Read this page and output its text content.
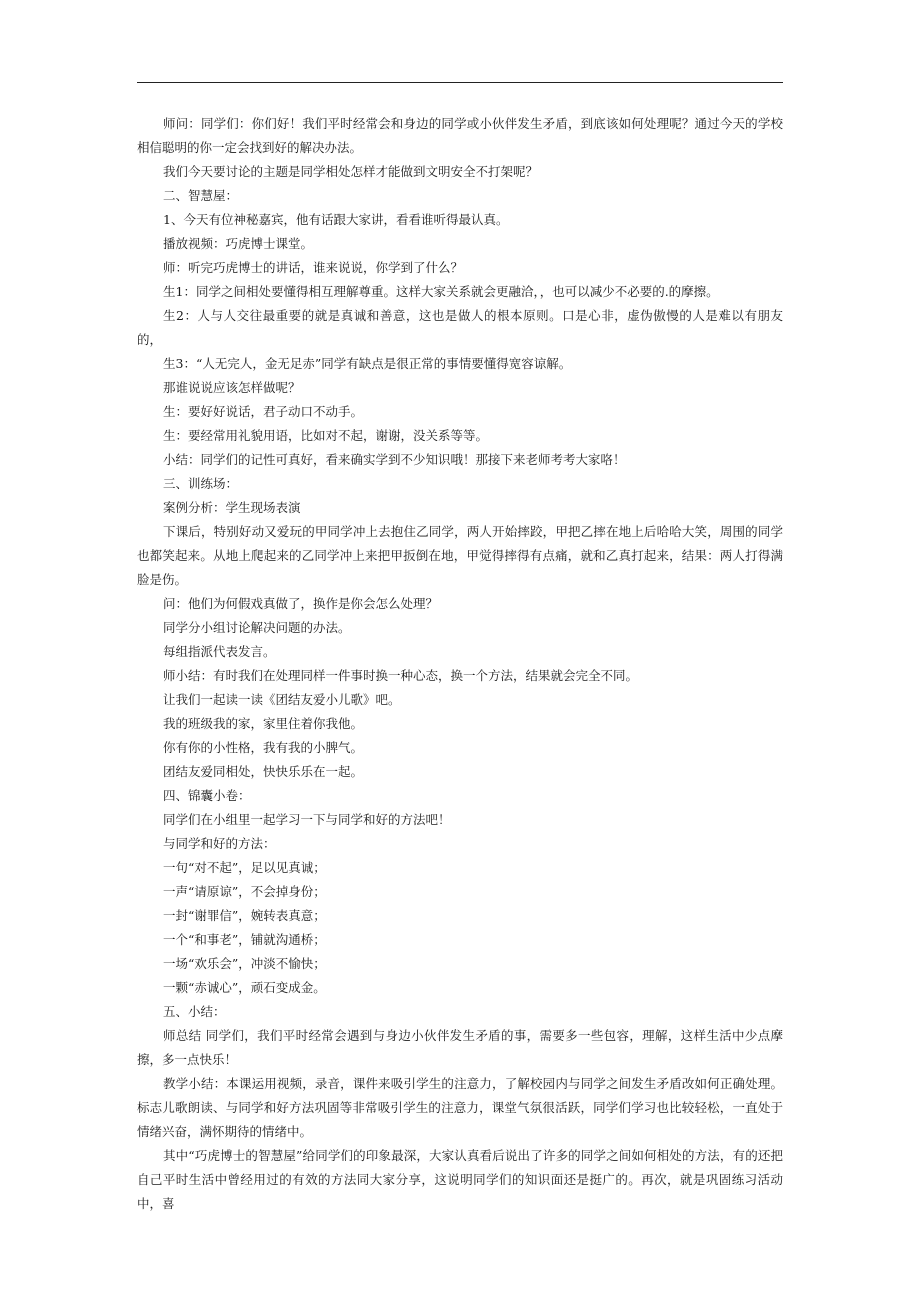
师问：同学们：你们好！我们平时经常会和身边的同学或小伙伴发生矛盾，到底该如何处理呢？通过今天的学校相信聪明的你一定会找到好的解决办法。

我们今天要讨论的主题是同学相处怎样才能做到文明安全不打架呢？

二、智慧屋：

1、今天有位神秘嘉宾，他有话跟大家讲，看看谁听得最认真。

播放视频：巧虎博士课堂。

师：听完巧虎博士的讲话，谁来说说，你学到了什么？

生1：同学之间相处要懂得相互理解尊重。这样大家关系就会更融洽，，也可以减少不必要的.的摩擦。

生2：人与人交往最重要的就是真诚和善意，这也是做人的根本原则。口是心非，虚伪傲慢的人是难以有朋友的，

生3：“人无完人，金无足赤”同学有缺点是很正常的事情要懂得宽容谅解。

那谁说说应该怎样做呢？

生：要好好说话，君子动口不动手。

生：要经常用礼貌用语，比如对不起，谢谢，没关系等等。

小结：同学们的记性可真好，看来确实学到不少知识哦！那接下来老师考考大家咯！

三、训练场：

案例分析：学生现场表演

下课后，特别好动又爱玩的甲同学冲上去抱住乙同学，两人开始摔跤，甲把乙摔在地上后哈哈大笑，周围的同学也都笑起来。从地上爬起来的乙同学冲上来把甲扳倒在地，甲觉得摔得有点痛，就和乙真打起来，结果：两人打得满脸是伤。

问：他们为何假戏真做了，换作是你会怎么处理？

同学分小组讨论解决问题的办法。

每组指派代表发言。

师小结：有时我们在处理同样一件事时换一种心态，换一个方法，结果就会完全不同。

让我们一起读一读《团结友爱小儿歌》吧。

我的班级我的家，家里住着你我他。

你有你的小性格，我有我的小脾气。

团结友爱同相处，快快乐乐在一起。

四、锦囊小卷：

同学们在小组里一起学习一下与同学和好的方法吧！

与同学和好的方法：

一句“对不起”，足以见真诚；

一声“请原谅”，不会掉身份；

一封“谢罪信”，婉转表真意；

一个“和事老”，铺就沟通桥；

一场“欢乐会”，冲淡不愉快；

一颗“赤诚心”，顽石变成金。

五、小结：

师总结 同学们，我们平时经常会遇到与身边小伙伴发生矛盾的事，需要多一些包容，理解，这样生活中少点摩擦，多一点快乐！

教学小结：本课运用视频，录音，课件来吸引学生的注意力，了解校园内与同学之间发生矛盾改如何正确处理。标志儿歌朗读、与同学和好方法巩固等非常吸引学生的注意力，课堂气氛很活跃，同学们学习也比较轻松，一直处于情绪兴奋，满怀期待的情绪中。

其中“巧虎博士的智慧屋”给同学们的印象最深，大家认真看后说出了许多的同学之间如何相处的方法，有的还把自己平时生活中曾经用过的有效的方法同大家分享，这说明同学们的知识面还是挺广的。再次，就是巩固练习活动中，喜
